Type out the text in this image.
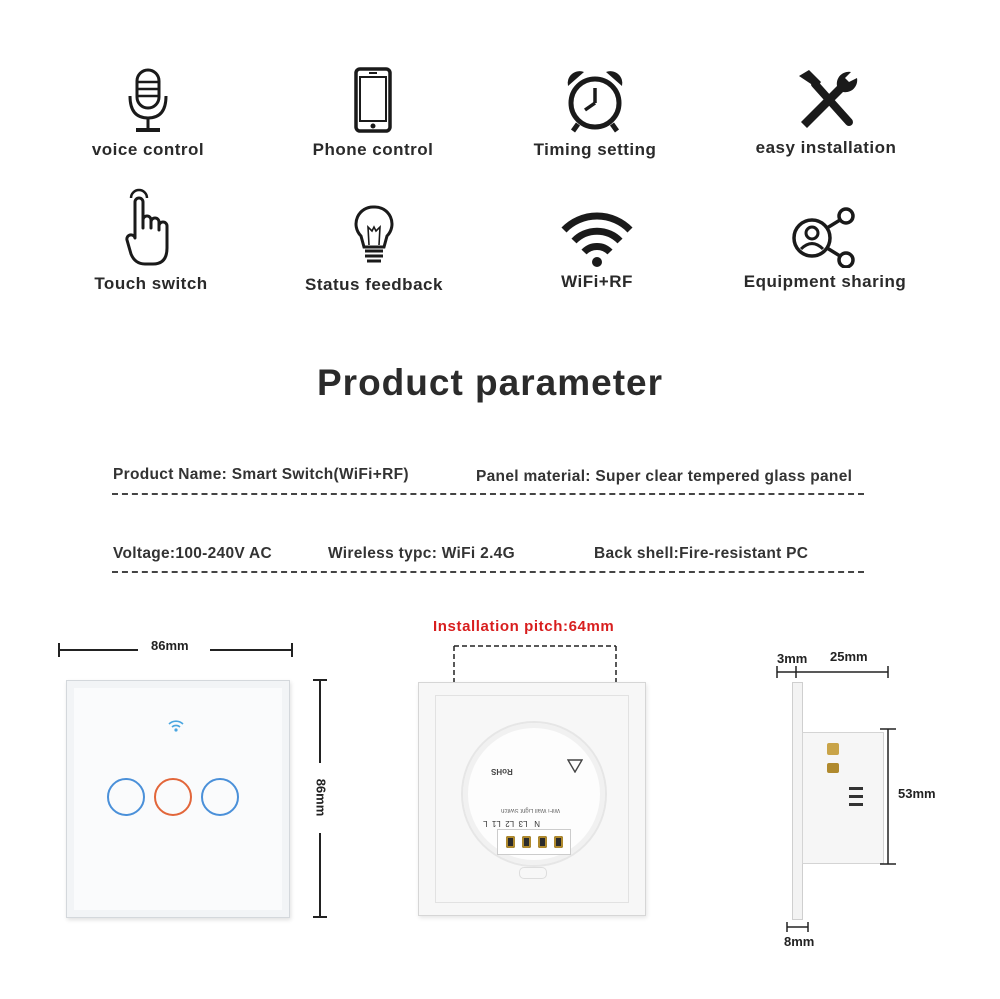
voice control	Phone control	Timing setting	easy installation
Touch switch	Status feedback	WiFi+RF	Equipment sharing
Product parameter
Product Name: Smart Switch(WiFi+RF)	Panel material: Super clear tempered glass panel
Voltage:100-240V AC	Wireless typc: WiFi 2.4G	Back shell:Fire-resistant PC
86mm
86mm
Installation pitch:64mm
RoHS
WiFi Wall Light Switch
N   L3  L2  L1  L
3mm 25mm
53mm
8mm
